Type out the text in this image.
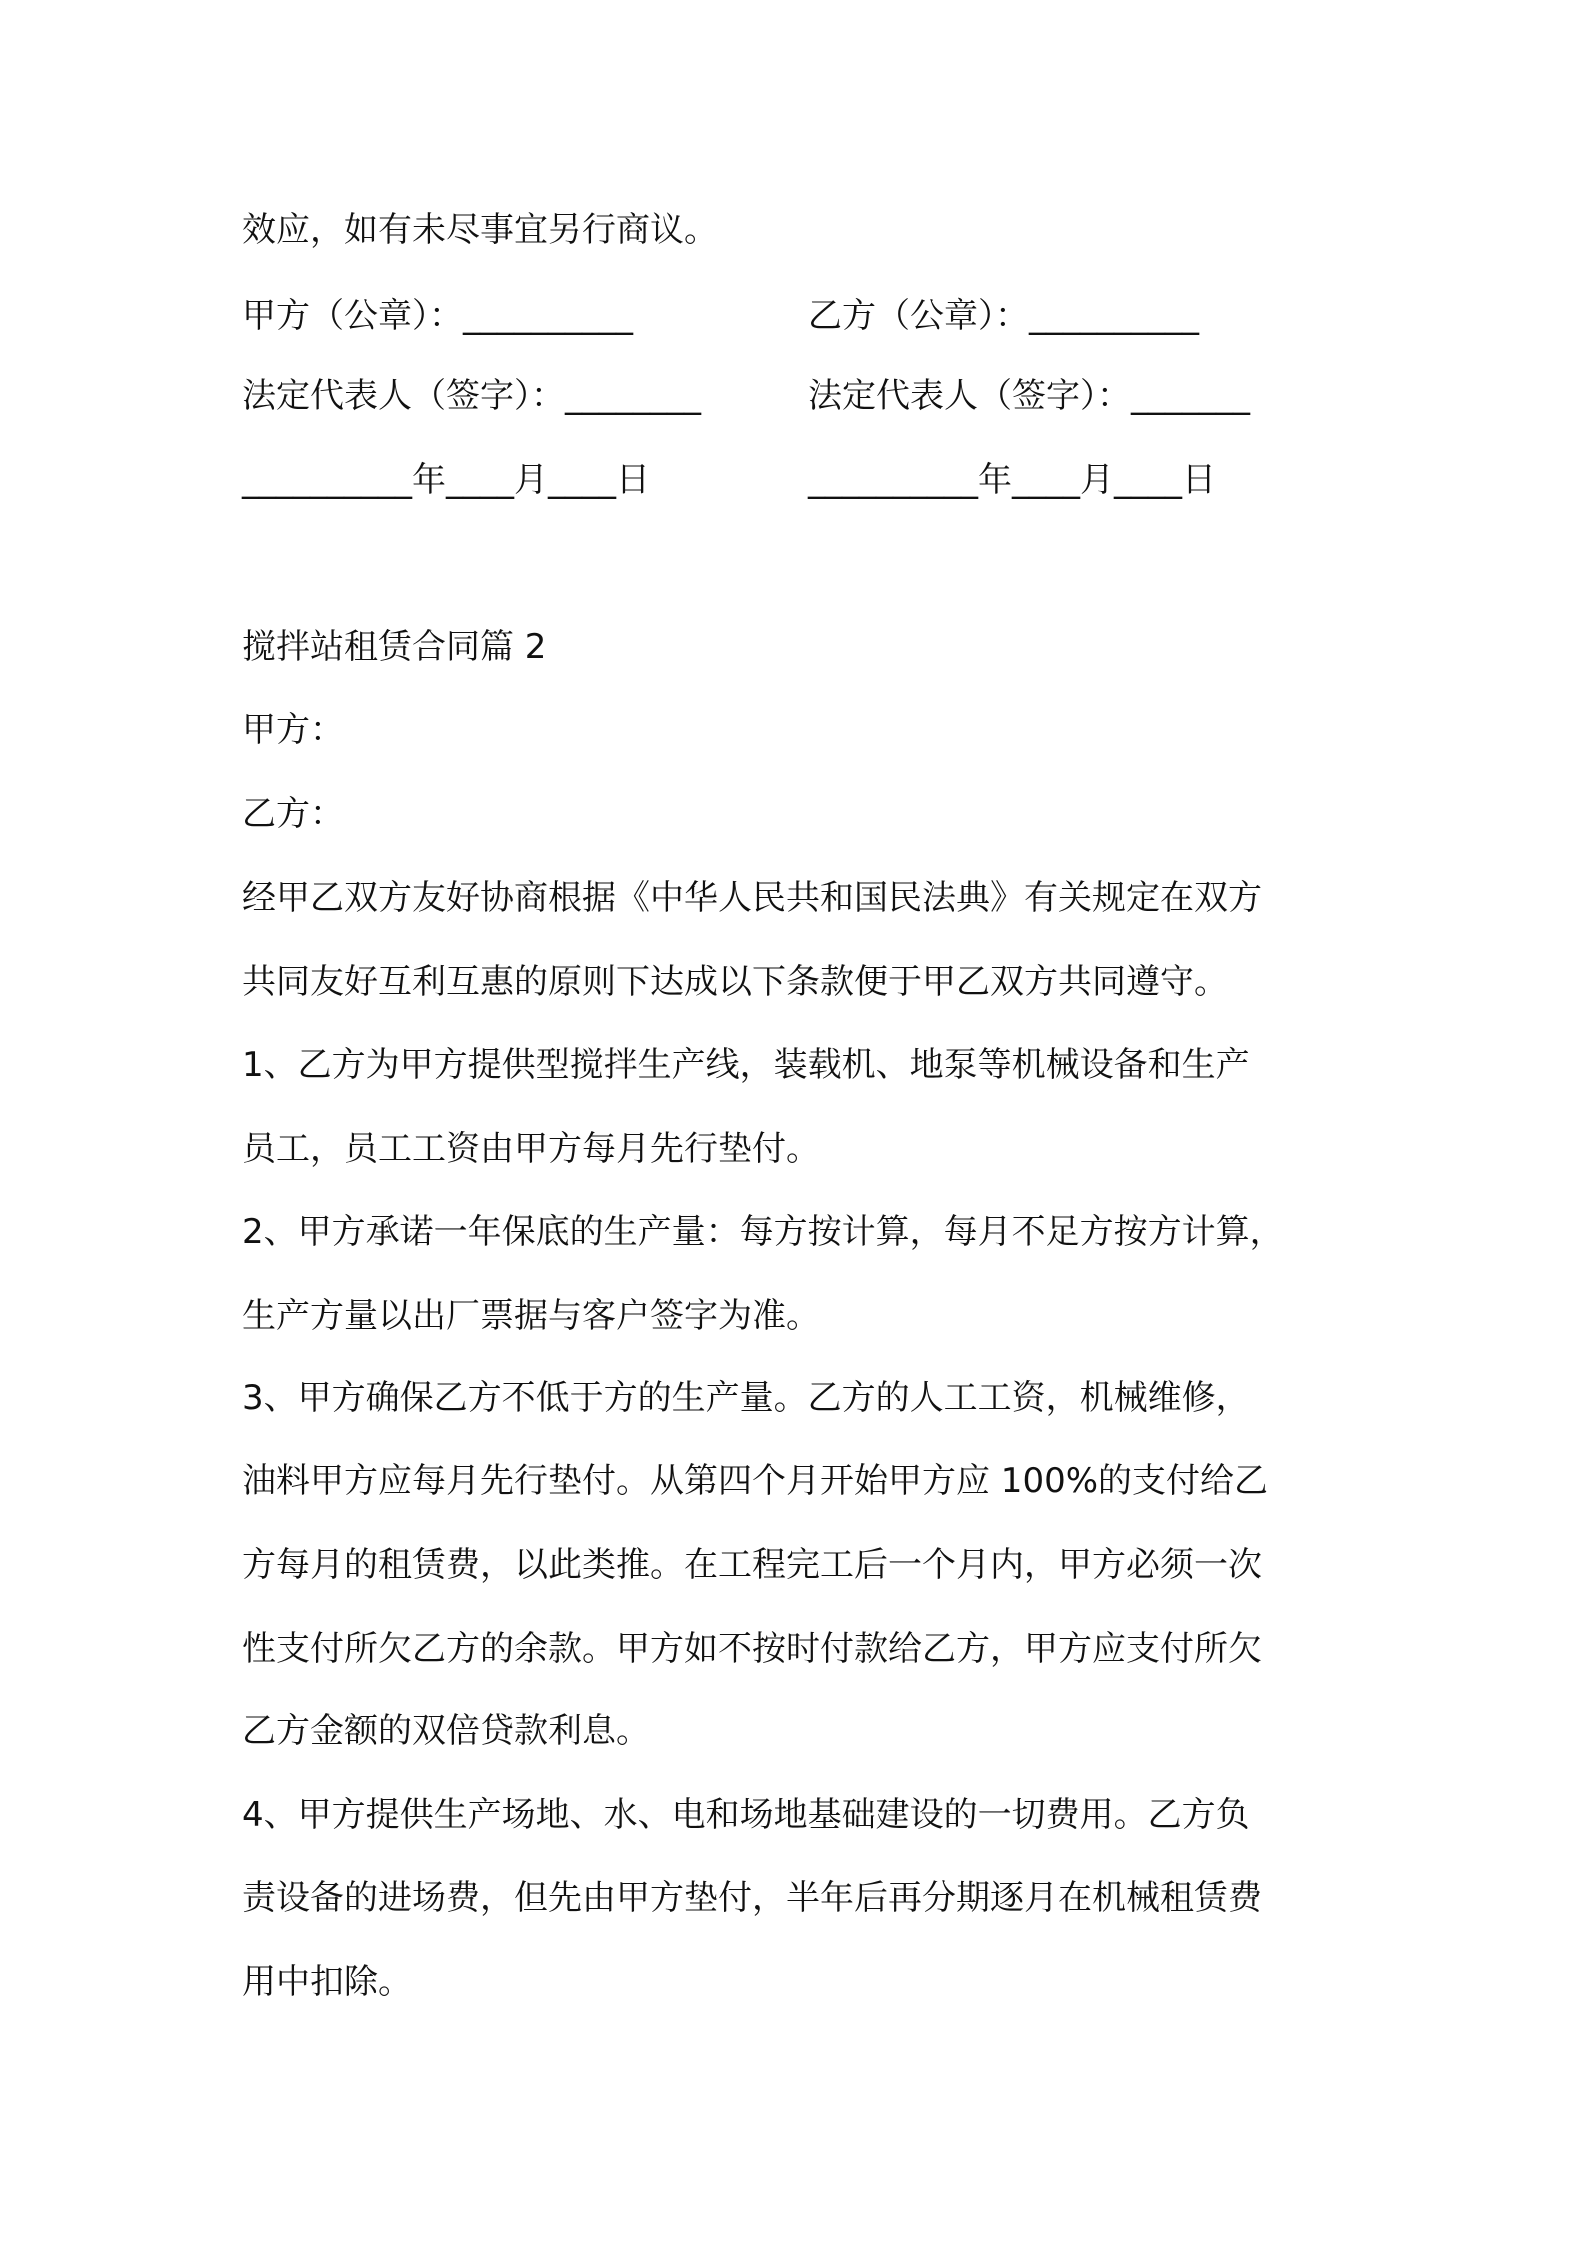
效应，如有未尽事宜另行商议。
甲方（公章）：__________	乙方（公章）：__________
法定代表人（签字）：________	法定代表人（签字）：_______
__________年____月____日	__________年____月____日
搅拌站租赁合同篇 2
甲方：
乙方：
经甲乙双方友好协商根据《中华人民共和国民法典》有关规定在双方
共同友好互利互惠的原则下达成以下条款便于甲乙双方共同遵守。
1、乙方为甲方提供型搅拌生产线，装载机、地泵等机械设备和生产
员工，员工工资由甲方每月先行垫付。
2、甲方承诺一年保底的生产量：每方按计算，每月不足方按方计算，
生产方量以出厂票据与客户签字为准。
3、甲方确保乙方不低于方的生产量。乙方的人工工资，机械维修，
油料甲方应每月先行垫付。从第四个月开始甲方应 100%的支付给乙
方每月的租赁费，以此类推。在工程完工后一个月内，甲方必须一次
性支付所欠乙方的余款。甲方如不按时付款给乙方，甲方应支付所欠
乙方金额的双倍贷款利息。
4、甲方提供生产场地、水、电和场地基础建设的一切费用。乙方负
责设备的进场费，但先由甲方垫付，半年后再分期逐月在机械租赁费
用中扣除。
